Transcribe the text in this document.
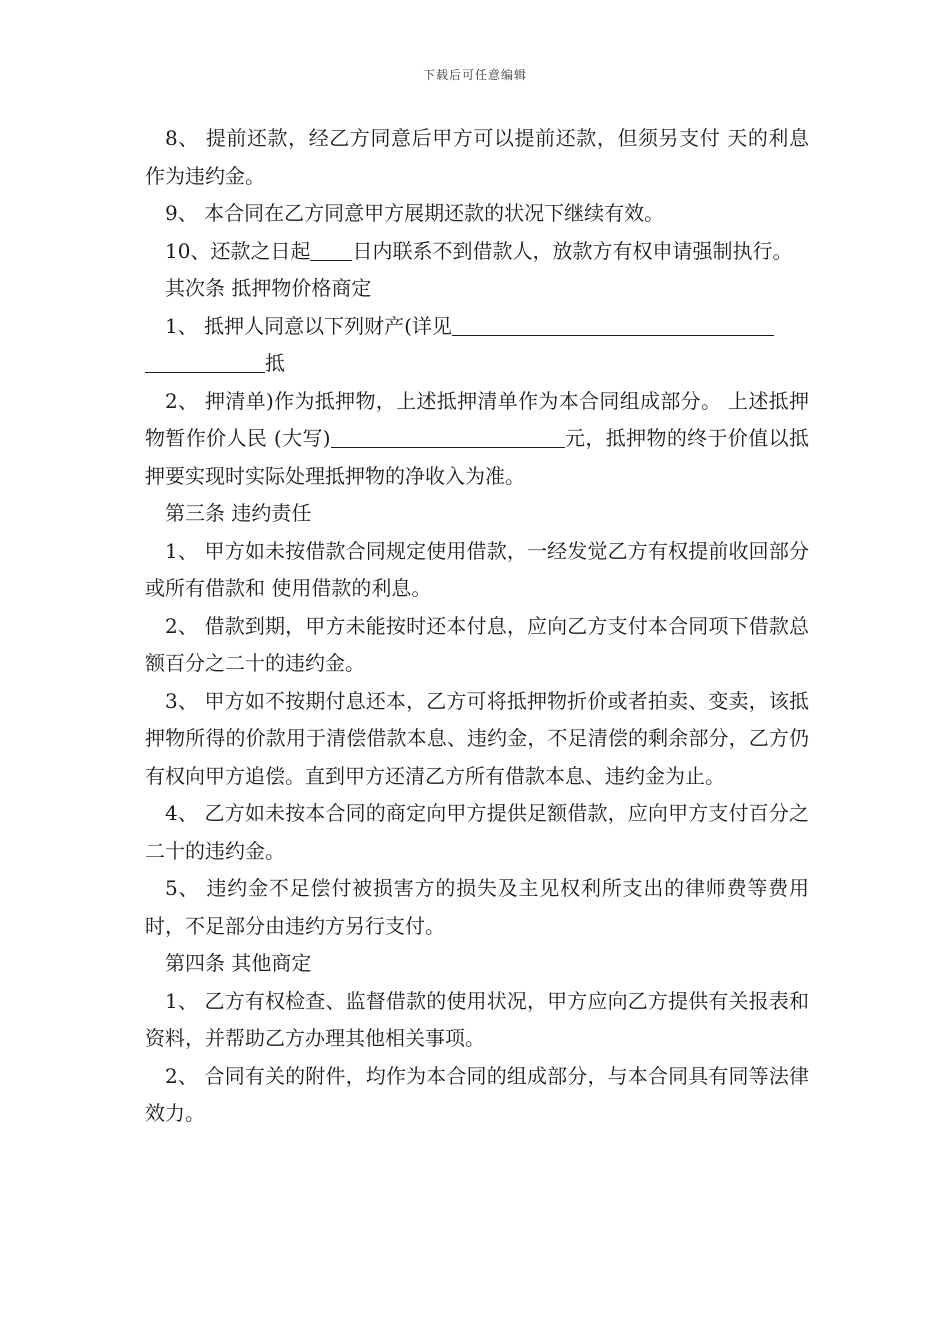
下载后可任意编辑

8、 提前还款，经乙方同意后甲方可以提前还款，但须另支付 天的利息作为违约金。

9、 本合同在乙方同意甲方展期还款的状况下继续有效。

10、还款之日起 日内联系不到借款人，放款方有权申请强制执行。

其次条 抵押物价格商定

1、 抵押人同意以下列财产(详见
抵

2、 押清单)作为抵押物，上述抵押清单作为本合同组成部分。 上述抵押物暂作价人民 (大写)	元，抵押物的终于价值以抵押要实现时实际处理抵押物的净收入为准。

第三条 违约责任

1、 甲方如未按借款合同规定使用借款，一经发觉乙方有权提前收回部分或所有借款和 使用借款的利息。

2、 借款到期，甲方未能按时还本付息，应向乙方支付本合同项下借款总额百分之二十的违约金。

3、 甲方如不按期付息还本，乙方可将抵押物折价或者拍卖、变卖，该抵押物所得的价款用于清偿借款本息、违约金，不足清偿的剩余部分，乙方仍有权向甲方追偿。直到甲方还清乙方所有借款本息、违约金为止。

4、 乙方如未按本合同的商定向甲方提供足额借款，应向甲方支付百分之二十的违约金。

5、 违约金不足偿付被损害方的损失及主见权利所支出的律师费等费用时，不足部分由违约方另行支付。

第四条 其他商定

1、 乙方有权检查、监督借款的使用状况，甲方应向乙方提供有关报表和资料，并帮助乙方办理其他相关事项。

2、 合同有关的附件，均作为本合同的组成部分，与本合同具有同等法律效力。
